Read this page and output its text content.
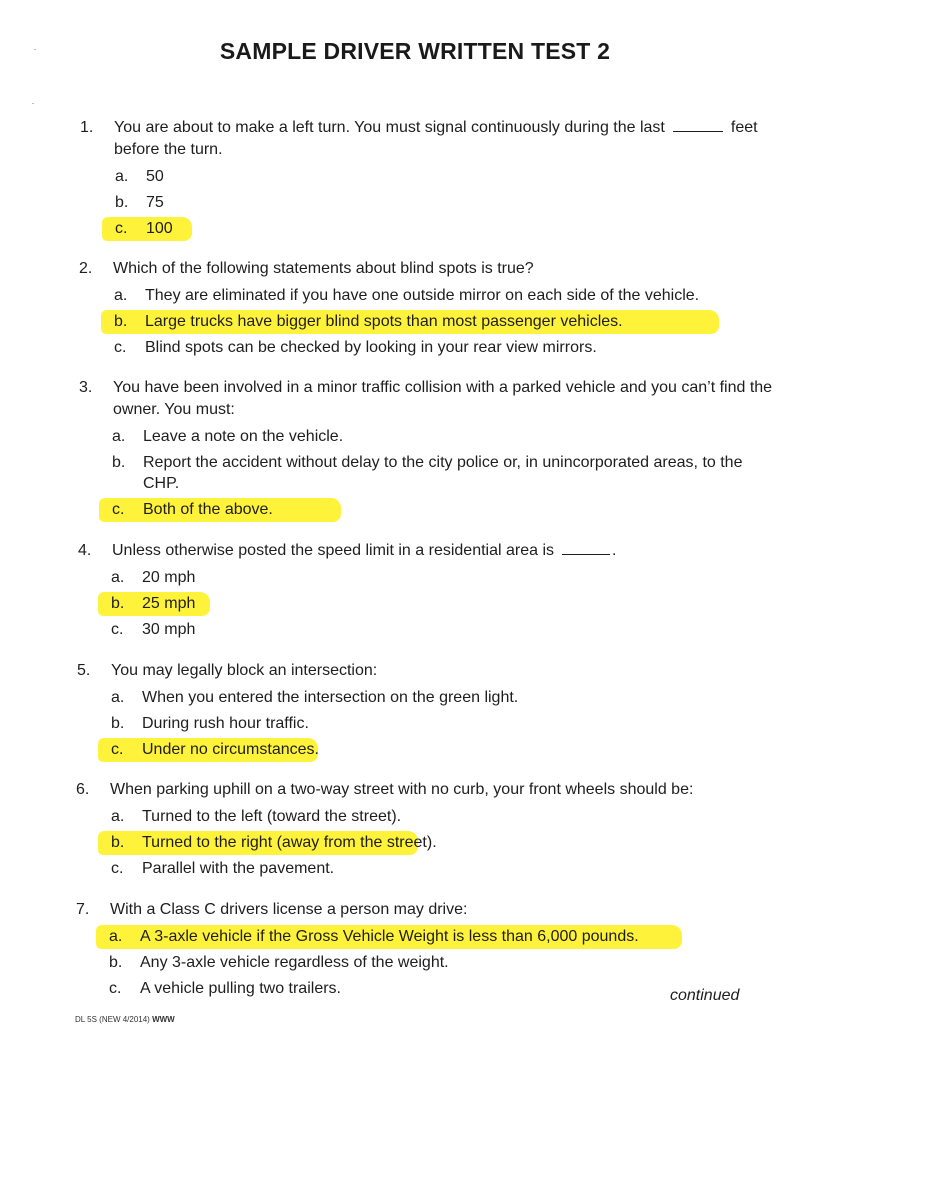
SAMPLE DRIVER WRITTEN TEST 2
1.	You are about to make a left turn. You must signal continuously during the last	feet before the turn.
a.	50
b.	75
c.	100
2.	Which of the following statements about blind spots is true?
a.	They are eliminated if you have one outside mirror on each side of the vehicle.
b.	Large trucks have bigger blind spots than most passenger vehicles.
c.	Blind spots can be checked by looking in your rear view mirrors.
3.	You have been involved in a minor traffic collision with a parked vehicle and you can’t find the owner. You must:
a.	Leave a note on the vehicle.
b.	Report the accident without delay to the city police or, in unincorporated areas, to the CHP.
c.	Both of the above.
4.	Unless otherwise posted the speed limit in a residential area is	.
a.	20 mph
b.	25 mph
c.	30 mph
5.	You may legally block an intersection:
a.	When you entered the intersection on the green light.
b.	During rush hour traffic.
c.	Under no circumstances.
6.	When parking uphill on a two-way street with no curb, your front wheels should be:
a.	Turned to the left (toward the street).
b.	Turned to the right (away from the street).
c.	Parallel with the pavement.
7.	With a Class C drivers license a person may drive:
a.	A 3-axle vehicle if the Gross Vehicle Weight is less than 6,000 pounds.
b.	Any 3-axle vehicle regardless of the weight.
c.	A vehicle pulling two trailers.	continued
DL 5S (NEW 4/2014) WWW
